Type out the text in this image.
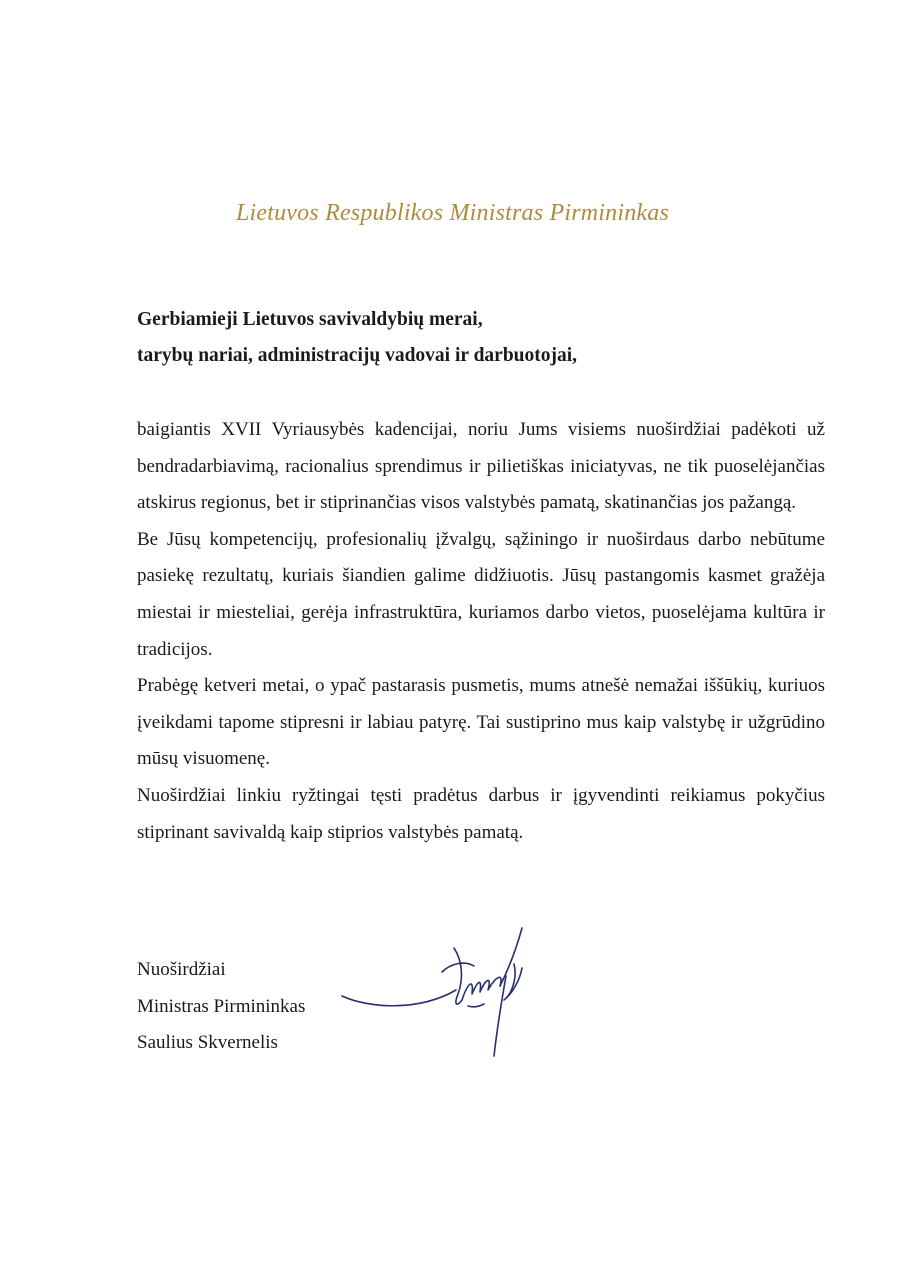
Lietuvos Respublikos Ministras Pirmininkas
Gerbiamieji Lietuvos savivaldybių merai,
tarybų nariai, administracijų vadovai ir darbuotojai,

baigiantis XVII Vyriausybės kadencijai, noriu Jums visiems nuoširdžiai padėkoti už bendradarbiavimą, racionalius sprendimus ir pilietiškas iniciatyvas, ne tik puoselėjančias atskirus regionus, bet ir stiprinančias visos valstybės pamatą, skatinančias jos pažangą.

Be Jūsų kompetencijų, profesionalių įžvalgų, sąžiningo ir nuoširdaus darbo nebūtume pasiekę rezultatų, kuriais šiandien galime didžiuotis. Jūsų pastangomis kasmet gražėja miestai ir miesteliai, gerėja infrastruktūra, kuriamos darbo vietos, puoselėjama kultūra ir tradicijos.

Prabėgę ketveri metai, o ypač pastarasis pusmetis, mums atnešė nemažai iššūkių, kuriuos įveikdami tapome stipresni ir labiau patyrę. Tai sustiprino mus kaip valstybę ir užgrūdino mūsų visuomenę.

Nuoširdžiai linkiu ryžtingai tęsti pradėtus darbus ir įgyvendinti reikiamus pokyčius stiprinant savivaldą kaip stiprios valstybės pamatą.

Nuoširdžiai
Ministras Pirmininkas
Saulius Skvernelis
